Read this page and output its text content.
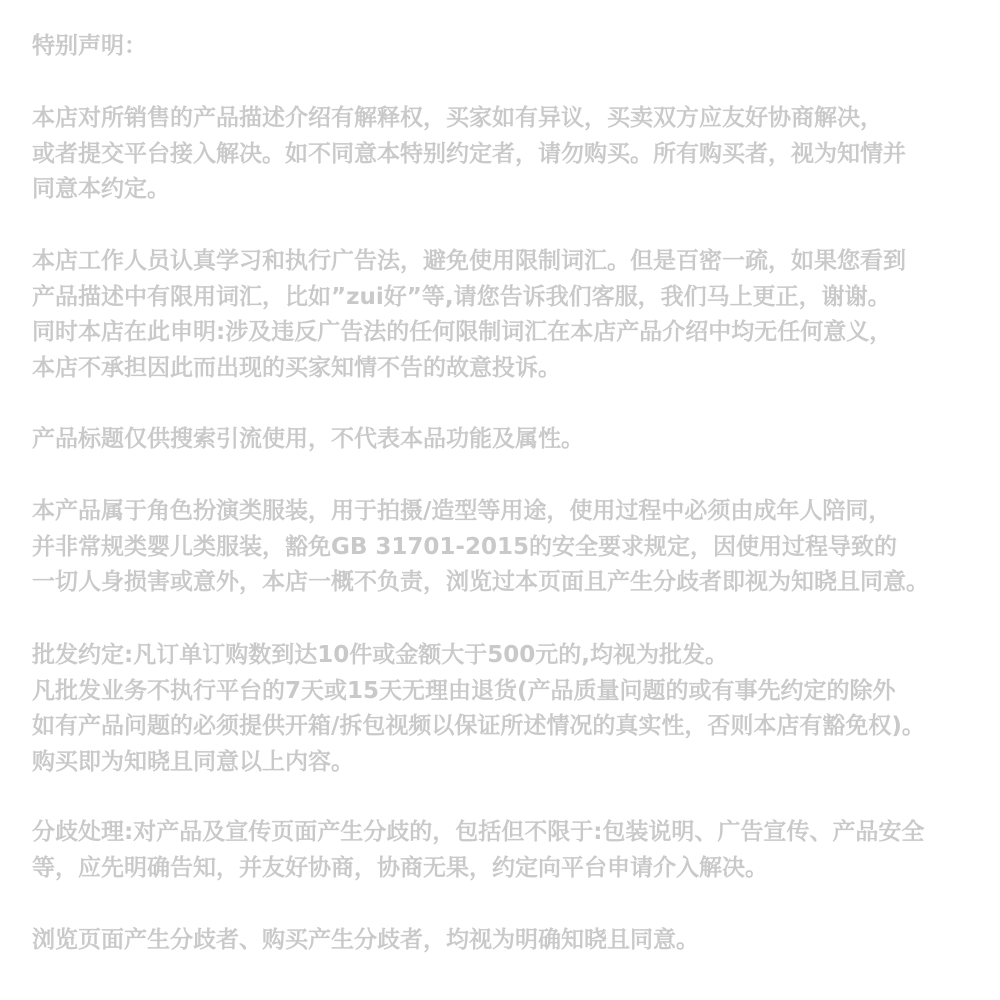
特别声明：
本店对所销售的产品描述介绍有解释权，买家如有异议，买卖双方应友好协商解决，
或者提交平台接入解决。如不同意本特别约定者，请勿购买。所有购买者，视为知情并
同意本约定。
本店工作人员认真学习和执行广告法，避免使用限制词汇。但是百密一疏，如果您看到
产品描述中有限用词汇，比如”zui好”等,请您告诉我们客服，我们马上更正，谢谢。
同时本店在此申明:涉及违反广告法的任何限制词汇在本店产品介绍中均无任何意义，
本店不承担因此而出现的买家知情不告的故意投诉。
产品标题仅供搜索引流使用，不代表本品功能及属性。
本产品属于角色扮演类服装，用于拍摄/造型等用途，使用过程中必须由成年人陪同，
并非常规类婴儿类服装，豁免GB 31701-2015的安全要求规定，因使用过程导致的
一切人身损害或意外，本店一概不负责，浏览过本页面且产生分歧者即视为知晓且同意。
批发约定:凡订单订购数到达10件或金额大于500元的,均视为批发。
凡批发业务不执行平台的7天或15天无理由退货(产品质量问题的或有事先约定的除外
如有产品问题的必须提供开箱/拆包视频以保证所述情况的真实性，否则本店有豁免权)。
购买即为知晓且同意以上内容。
分歧处理:对产品及宣传页面产生分歧的，包括但不限于:包装说明、广告宣传、产品安全
等，应先明确告知，并友好协商，协商无果，约定向平台申请介入解决。
浏览页面产生分歧者、购买产生分歧者，均视为明确知晓且同意。
